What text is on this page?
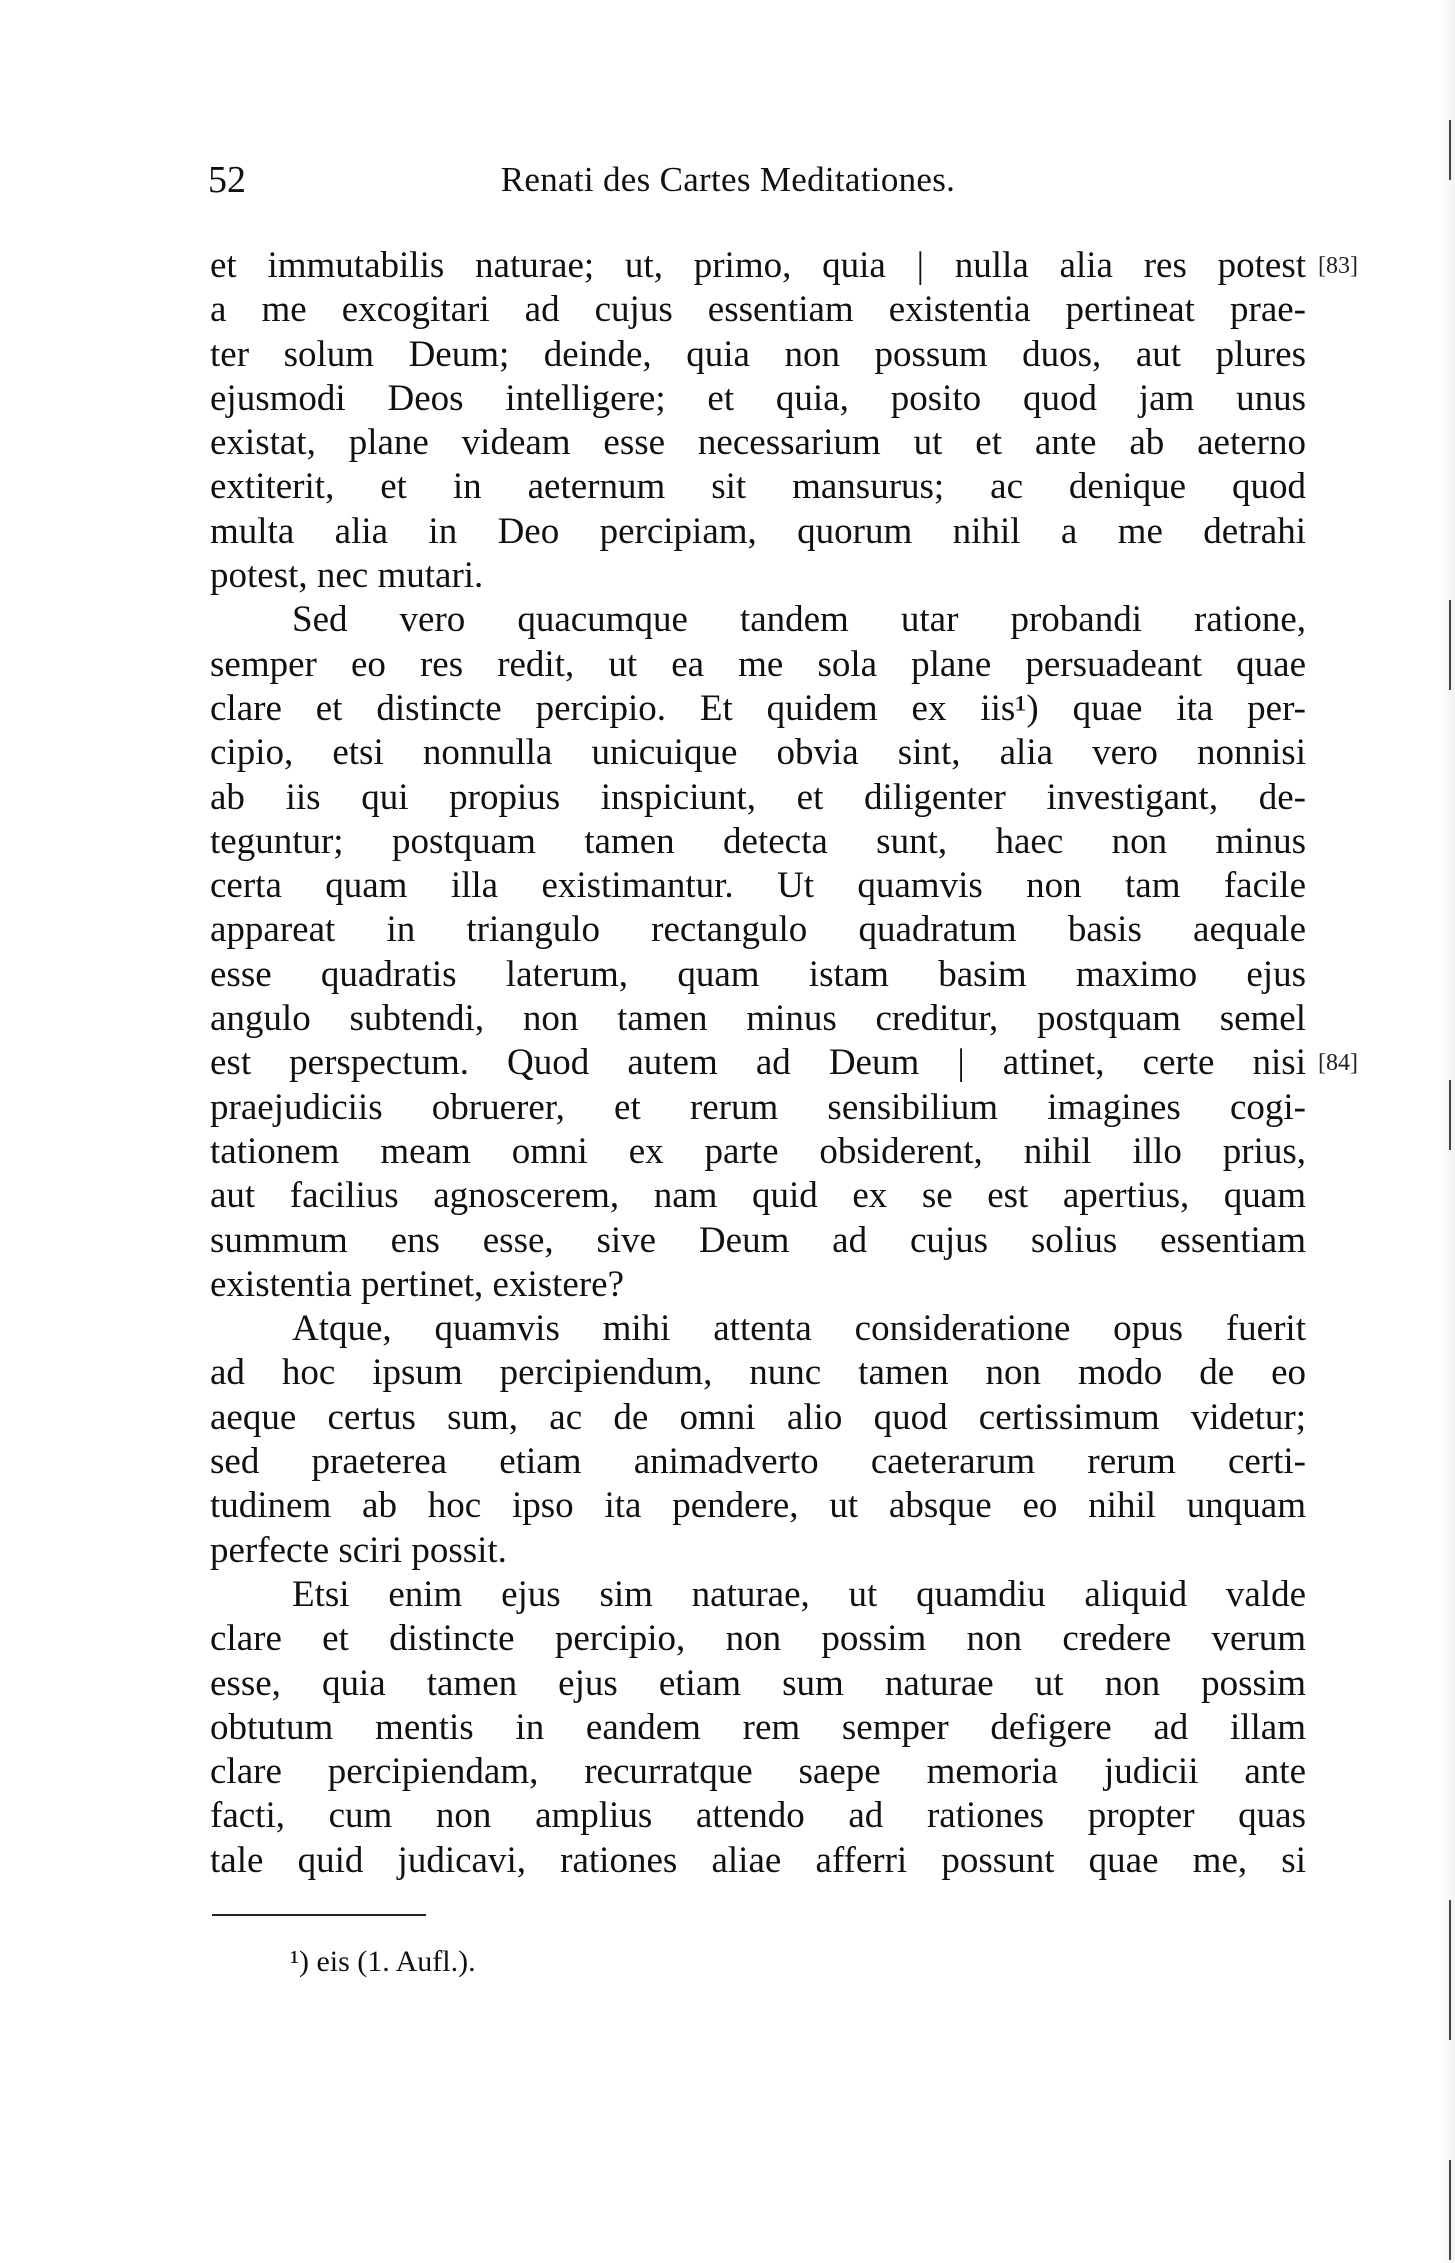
52	Renati des Cartes Meditationes.
et immutabilis naturae; ut, primo, quia | nulla alia res potest [83]
a me excogitari ad cujus essentiam existentia pertineat prae-
ter solum Deum; deinde, quia non possum duos, aut plures
ejusmodi Deos intelligere; et quia, posito quod jam unus
existat, plane videam esse necessarium ut et ante ab aeterno
extiterit, et in aeternum sit mansurus; ac denique quod
multa alia in Deo percipiam, quorum nihil a me detrahi
potest, nec mutari.
Sed vero quacumque tandem utar probandi ratione,
semper eo res redit, ut ea me sola plane persuadeant quae
clare et distincte percipio. Et quidem ex iis¹) quae ita per-
cipio, etsi nonnulla unicuique obvia sint, alia vero nonnisi
ab iis qui propius inspiciunt, et diligenter investigant, de-
teguntur; postquam tamen detecta sunt, haec non minus
certa quam illa existimantur. Ut quamvis non tam facile
appareat in triangulo rectangulo quadratum basis aequale
esse quadratis laterum, quam istam basim maximo ejus
angulo subtendi, non tamen minus creditur, postquam semel
est perspectum. Quod autem ad Deum | attinet, certe nisi [84]
praejudiciis obruerer, et rerum sensibilium imagines cogi-
tationem meam omni ex parte obsiderent, nihil illo prius,
aut facilius agnoscerem, nam quid ex se est apertius, quam
summum ens esse, sive Deum ad cujus solius essentiam
existentia pertinet, existere?
Atque, quamvis mihi attenta consideratione opus fuerit
ad hoc ipsum percipiendum, nunc tamen non modo de eo
aeque certus sum, ac de omni alio quod certissimum videtur;
sed praeterea etiam animadverto caeterarum rerum certi-
tudinem ab hoc ipso ita pendere, ut absque eo nihil unquam
perfecte sciri possit.
Etsi enim ejus sim naturae, ut quamdiu aliquid valde
clare et distincte percipio, non possim non credere verum
esse, quia tamen ejus etiam sum naturae ut non possim
obtutum mentis in eandem rem semper defigere ad illam
clare percipiendam, recurratque saepe memoria judicii ante
facti, cum non amplius attendo ad rationes propter quas
tale quid judicavi, rationes aliae afferri possunt quae me, si
¹) eis (1. Aufl.).
